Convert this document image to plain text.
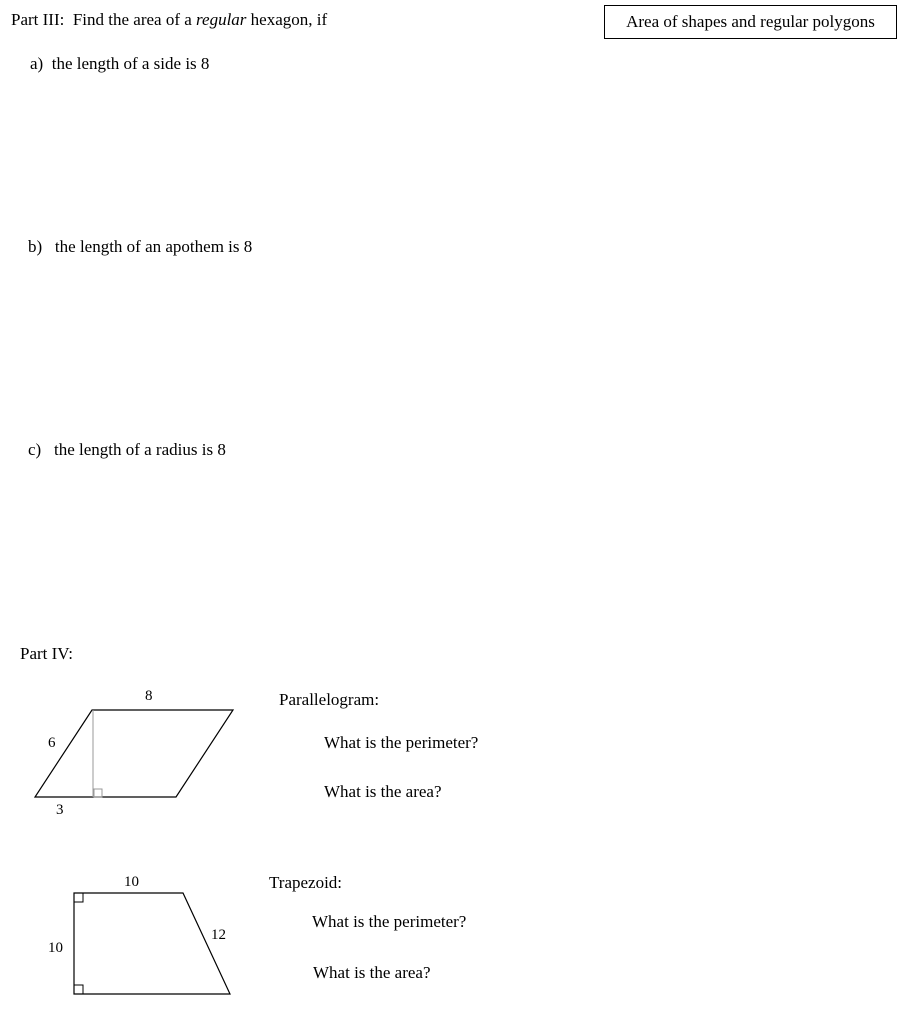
Area of shapes and regular polygons
Part III:  Find the area of a regular hexagon, if
a) the length of a side is 8
b) the length of an apothem is 8
c) the length of a radius is 8
Part IV:
8
6
3
10
10
12
Parallelogram:
What is the perimeter?
What is the area?
Trapezoid:
What is the perimeter?
What is the area?
